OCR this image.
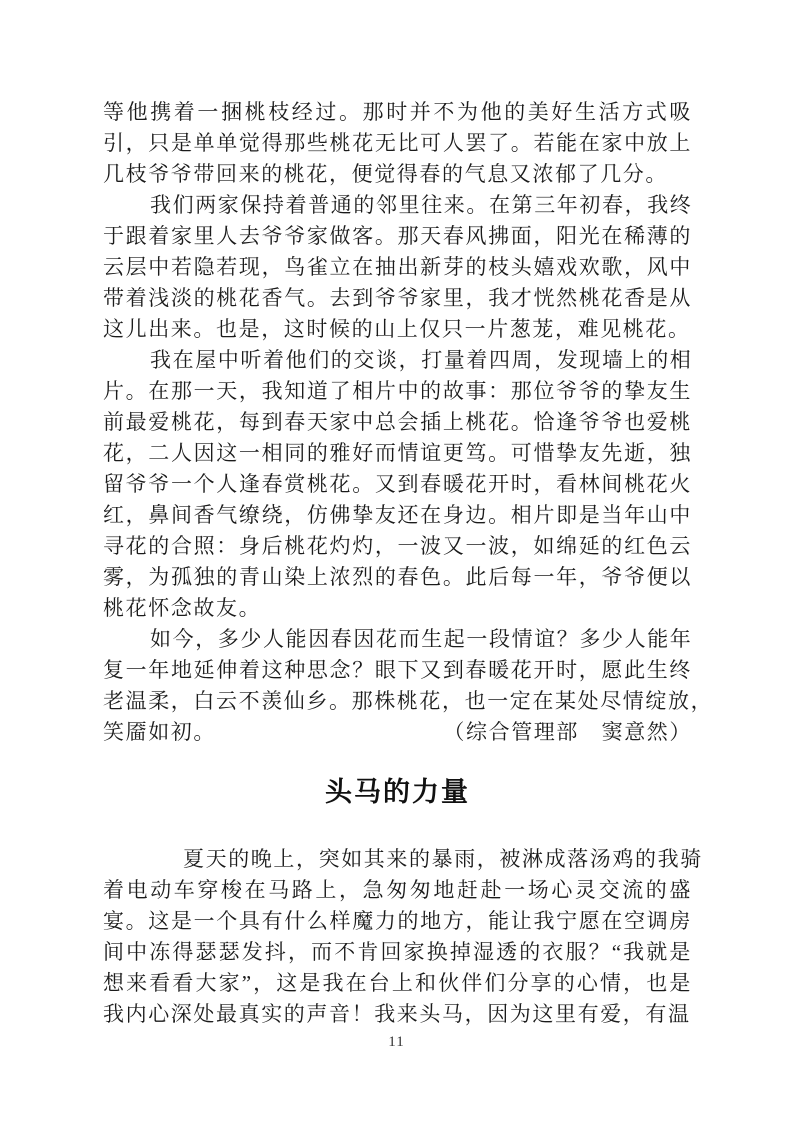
等他携着一捆桃枝经过。那时并不为他的美好生活方式吸
引，只是单单觉得那些桃花无比可人罢了。若能在家中放上
几枝爷爷带回来的桃花，便觉得春的气息又浓郁了几分。
我们两家保持着普通的邻里往来。在第三年初春，我终
于跟着家里人去爷爷家做客。那天春风拂面，阳光在稀薄的
云层中若隐若现，鸟雀立在抽出新芽的枝头嬉戏欢歌，风中
带着浅淡的桃花香气。去到爷爷家里，我才恍然桃花香是从
这儿出来。也是，这时候的山上仅只一片葱茏，难见桃花。
我在屋中听着他们的交谈，打量着四周，发现墙上的相
片。在那一天，我知道了相片中的故事：那位爷爷的挚友生
前最爱桃花，每到春天家中总会插上桃花。恰逢爷爷也爱桃
花，二人因这一相同的雅好而情谊更笃。可惜挚友先逝，独
留爷爷一个人逢春赏桃花。又到春暖花开时，看林间桃花火
红，鼻间香气缭绕，仿佛挚友还在身边。相片即是当年山中
寻花的合照：身后桃花灼灼，一波又一波，如绵延的红色云
雾，为孤独的青山染上浓烈的春色。此后每一年，爷爷便以
桃花怀念故友。
如今，多少人能因春因花而生起一段情谊？多少人能年
复一年地延伸着这种思念？眼下又到春暖花开时，愿此生终
老温柔，白云不羡仙乡。那株桃花，也一定在某处尽情绽放，
笑靥如初。	（综合管理部　窦意然）
头马的力量
夏天的晚上，突如其来的暴雨，被淋成落汤鸡的我骑
着电动车穿梭在马路上，急匆匆地赶赴一场心灵交流的盛
宴。这是一个具有什么样魔力的地方，能让我宁愿在空调房
间中冻得瑟瑟发抖，而不肯回家换掉湿透的衣服？“我就是
想来看看大家”，这是我在台上和伙伴们分享的心情，也是
我内心深处最真实的声音！我来头马，因为这里有爱，有温
11
